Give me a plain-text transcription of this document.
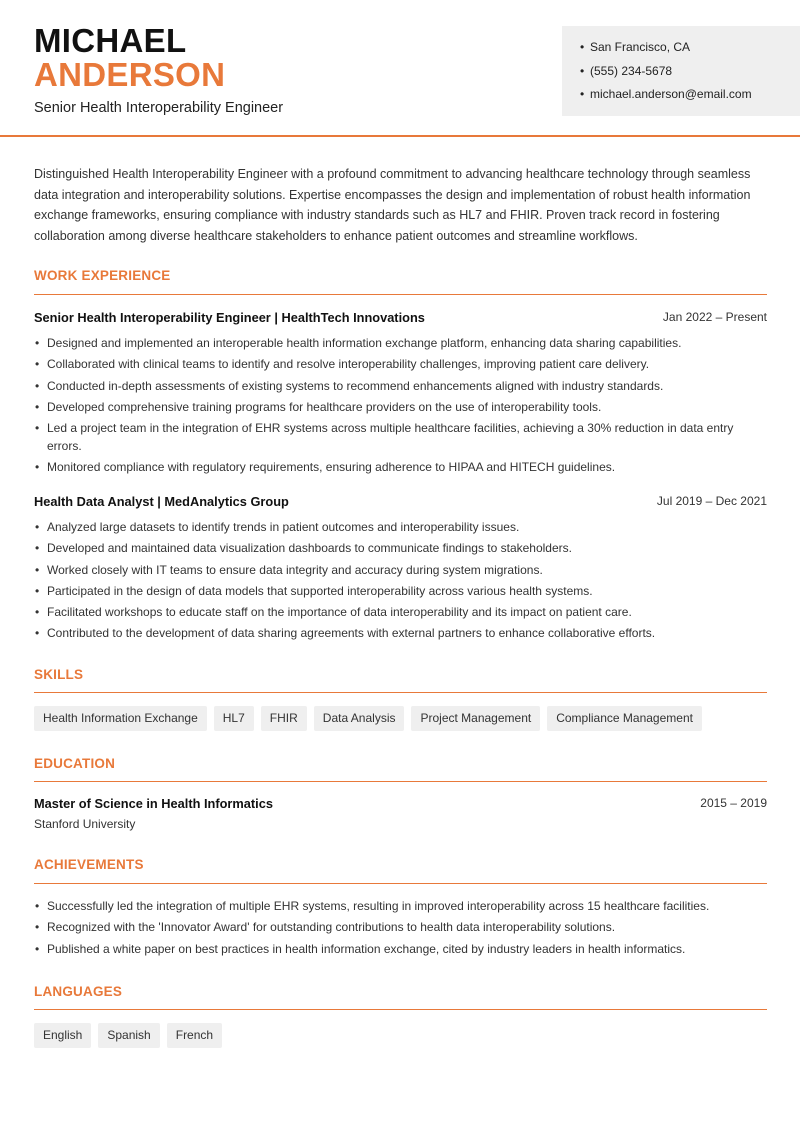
MICHAEL
ANDERSON
Senior Health Interoperability Engineer
• San Francisco, CA
• (555) 234-5678
• michael.anderson@email.com

Distinguished Health Interoperability Engineer with a profound commitment to advancing healthcare technology through seamless data integration and interoperability solutions. Expertise encompasses the design and implementation of robust health information exchange frameworks, ensuring compliance with industry standards such as HL7 and FHIR. Proven track record in fostering collaboration among diverse healthcare stakeholders to enhance patient outcomes and streamline workflows.

WORK EXPERIENCE
Senior Health Interoperability Engineer | HealthTech Innovations	Jan 2022 – Present
• Designed and implemented an interoperable health information exchange platform, enhancing data sharing capabilities.
• Collaborated with clinical teams to identify and resolve interoperability challenges, improving patient care delivery.
• Conducted in-depth assessments of existing systems to recommend enhancements aligned with industry standards.
• Developed comprehensive training programs for healthcare providers on the use of interoperability tools.
• Led a project team in the integration of EHR systems across multiple healthcare facilities, achieving a 30% reduction in data entry errors.
• Monitored compliance with regulatory requirements, ensuring adherence to HIPAA and HITECH guidelines.
Health Data Analyst | MedAnalytics Group	Jul 2019 – Dec 2021
• Analyzed large datasets to identify trends in patient outcomes and interoperability issues.
• Developed and maintained data visualization dashboards to communicate findings to stakeholders.
• Worked closely with IT teams to ensure data integrity and accuracy during system migrations.
• Participated in the design of data models that supported interoperability across various health systems.
• Facilitated workshops to educate staff on the importance of data interoperability and its impact on patient care.
• Contributed to the development of data sharing agreements with external partners to enhance collaborative efforts.
SKILLS
Health Information Exchange	HL7	FHIR	Data Analysis	Project Management	Compliance Management
EDUCATION
Master of Science in Health Informatics	2015 – 2019
Stanford University
ACHIEVEMENTS
• Successfully led the integration of multiple EHR systems, resulting in improved interoperability across 15 healthcare facilities.
• Recognized with the 'Innovator Award' for outstanding contributions to health data interoperability solutions.
• Published a white paper on best practices in health information exchange, cited by industry leaders in health informatics.
LANGUAGES
English	Spanish	French
